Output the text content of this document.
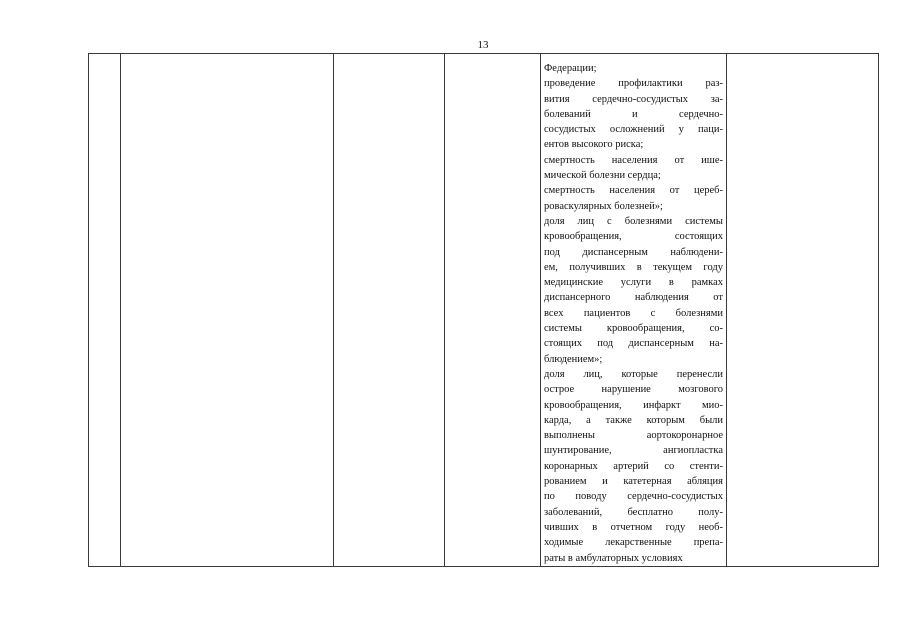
13

Федерации;
проведение профилактики раз-
вития сердечно-сосудистых за-
болеваний и сердечно-
сосудистых осложнений у паци-
ентов высокого риска;
смертность населения от ише-
мической болезни сердца;
смертность населения от цереб-
роваскулярных болезней»;
доля лиц с болезнями системы
кровообращения, состоящих
под диспансерным наблюдени-
ем, получивших в текущем году
медицинские услуги в рамках
диспансерного наблюдения от
всех пациентов с болезнями
системы кровообращения, со-
стоящих под диспансерным на-
блюдением»;
доля лиц, которые перенесли
острое нарушение мозгового
кровообращения, инфаркт мио-
карда, а также которым были
выполнены аортокоронарное
шунтирование, ангиопластка
коронарных артерий со стенти-
рованием и катетерная абляция
по поводу сердечно-сосудистых
заболеваний, бесплатно полу-
чивших в отчетном году необ-
ходимые лекарственные препа-
раты в амбулаторных условиях
